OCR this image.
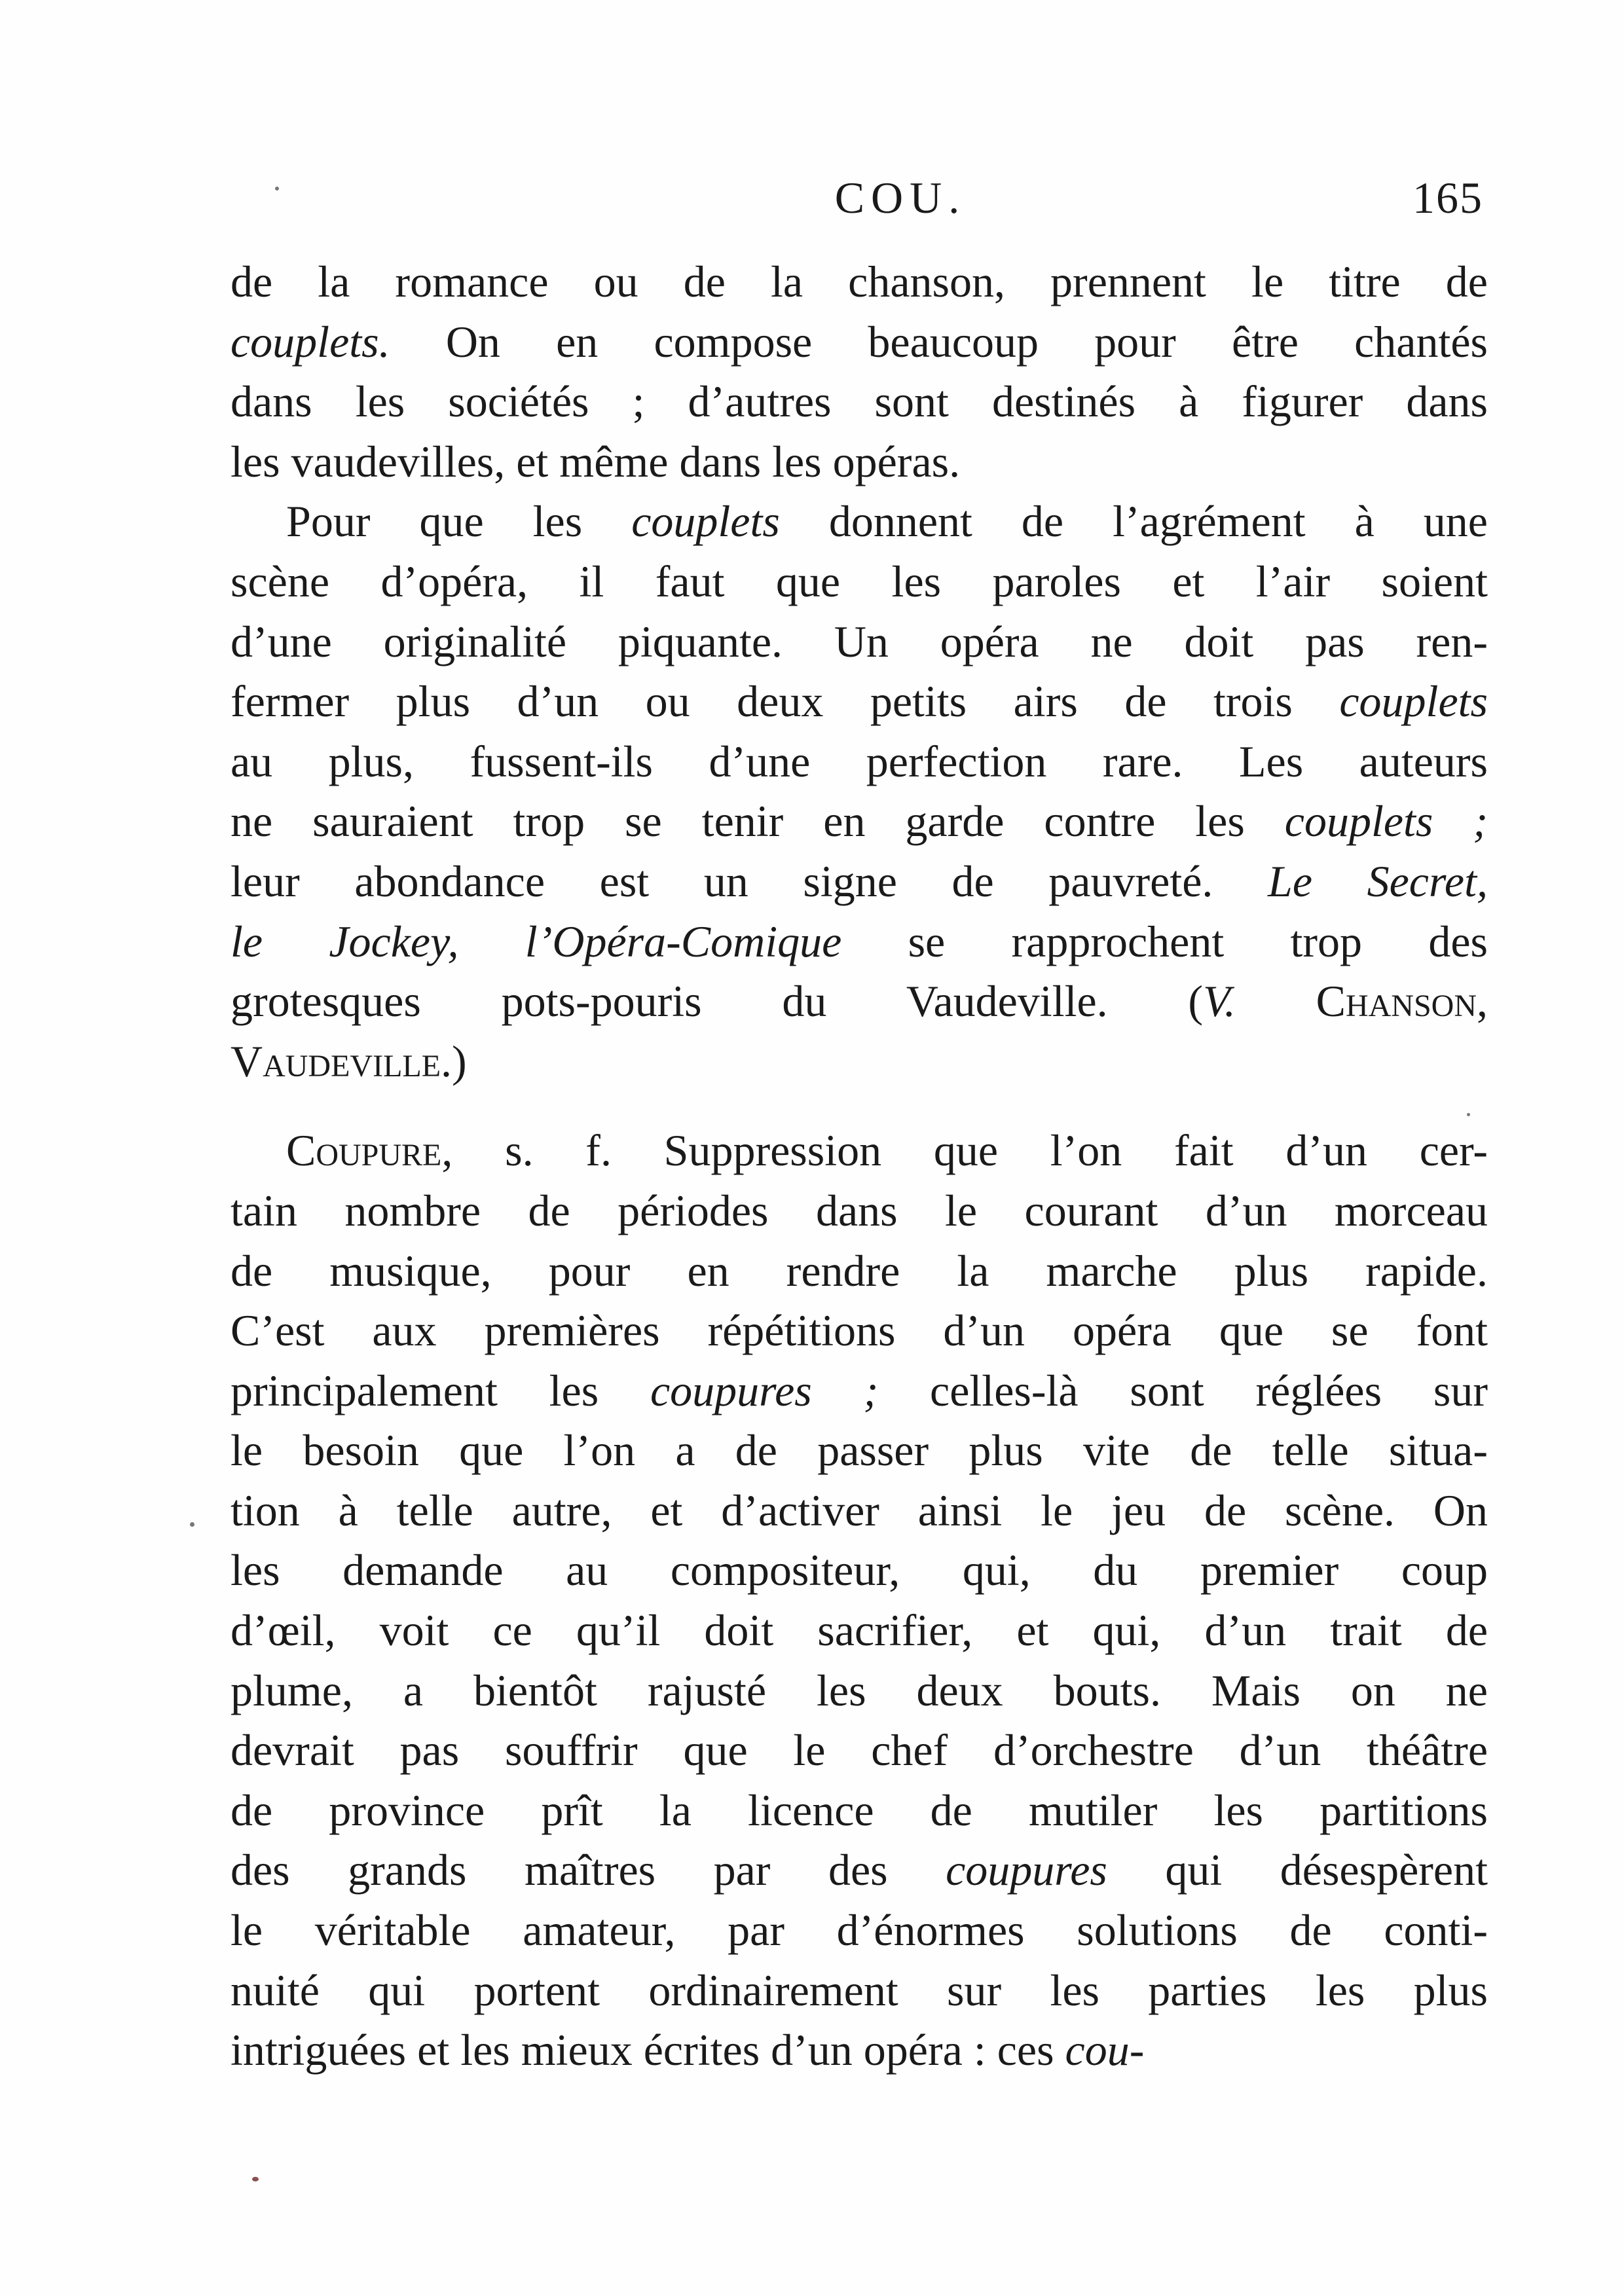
COU.	165
de la romance ou de la chanson, prennent le titre de
couplets. On en compose beaucoup pour être chantés
dans les sociétés ; d’autres sont destinés à figurer dans
les vaudevilles, et même dans les opéras.
Pour que les couplets donnent de l’agrément à une
scène d’opéra, il faut que les paroles et l’air soient
d’une originalité piquante. Un opéra ne doit pas ren-
fermer plus d’un ou deux petits airs de trois couplets
au plus, fussent-ils d’une perfection rare. Les auteurs
ne sauraient trop se tenir en garde contre les couplets ;
leur abondance est un signe de pauvreté. Le Secret,
le Jockey, l’Opéra-Comique se rapprochent trop des
grotesques pots-pouris du Vaudeville. (V. Chanson,
Vaudeville.)
Coupure, s. f. Suppression que l’on fait d’un cer-
tain nombre de périodes dans le courant d’un morceau
de musique, pour en rendre la marche plus rapide.
C’est aux premières répétitions d’un opéra que se font
principalement les coupures ; celles-là sont réglées sur
le besoin que l’on a de passer plus vite de telle situa-
tion à telle autre, et d’activer ainsi le jeu de scène. On
les demande au compositeur, qui, du premier coup
d’œil, voit ce qu’il doit sacrifier, et qui, d’un trait de
plume, a bientôt rajusté les deux bouts. Mais on ne
devrait pas souffrir que le chef d’orchestre d’un théâtre
de province prît la licence de mutiler les partitions
des grands maîtres par des coupures qui désespèrent
le véritable amateur, par d’énormes solutions de conti-
nuité qui portent ordinairement sur les parties les plus
intriguées et les mieux écrites d’un opéra : ces cou-
